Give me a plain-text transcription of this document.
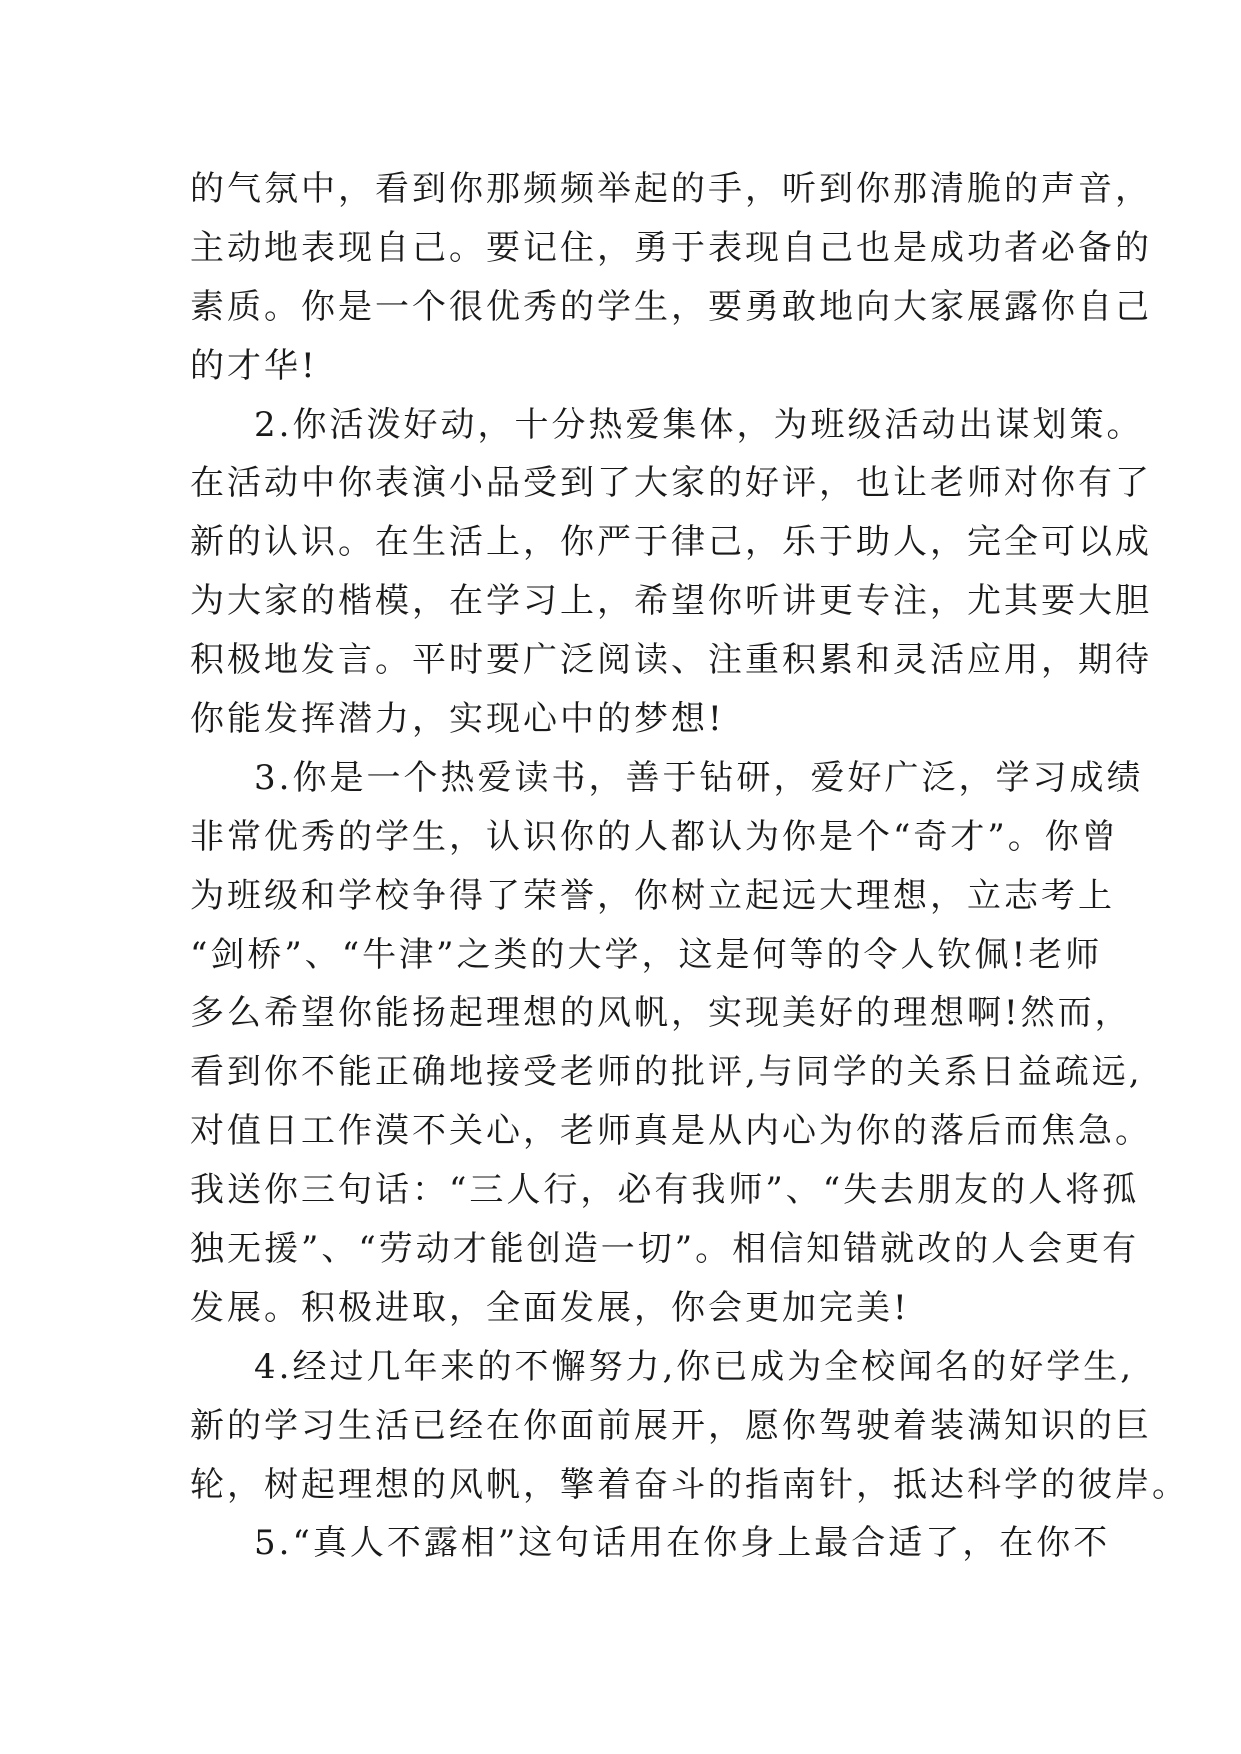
的气氛中，看到你那频频举起的手，听到你那清脆的声音，
主动地表现自己。要记住，勇于表现自己也是成功者必备的
素质。你是一个很优秀的学生，要勇敢地向大家展露你自己
的才华!
2.你活泼好动，十分热爱集体，为班级活动出谋划策。
在活动中你表演小品受到了大家的好评，也让老师对你有了
新的认识。在生活上，你严于律己，乐于助人，完全可以成
为大家的楷模，在学习上，希望你听讲更专注，尤其要大胆
积极地发言。平时要广泛阅读、注重积累和灵活应用，期待
你能发挥潜力，实现心中的梦想!
3.你是一个热爱读书，善于钻研，爱好广泛，学习成绩
非常优秀的学生，认识你的人都认为你是个“奇才”。你曾
为班级和学校争得了荣誉，你树立起远大理想，立志考上
“剑桥”、“牛津”之类的大学，这是何等的令人钦佩!老师
多么希望你能扬起理想的风帆，实现美好的理想啊!然而，
看到你不能正确地接受老师的批评,与同学的关系日益疏远,
对值日工作漠不关心，老师真是从内心为你的落后而焦急。
我送你三句话：“三人行，必有我师”、“失去朋友的人将孤
独无援”、“劳动才能创造一切”。相信知错就改的人会更有
发展。积极进取，全面发展，你会更加完美!
4.经过几年来的不懈努力,你已成为全校闻名的好学生,
新的学习生活已经在你面前展开，愿你驾驶着装满知识的巨
轮，树起理想的风帆，擎着奋斗的指南针，抵达科学的彼岸。
5.“真人不露相”这句话用在你身上最合适了，在你不
